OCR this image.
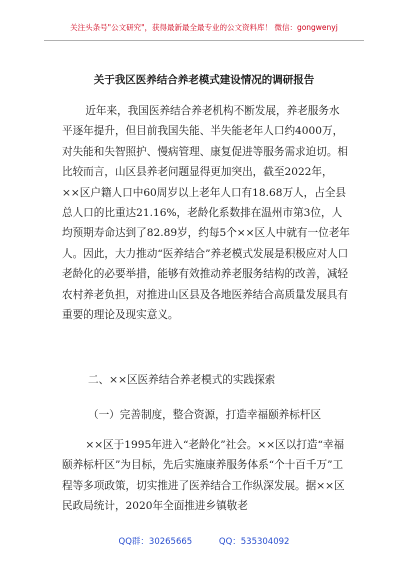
关注头条号"公文研究"，获得最新最全最专业的公文资料库！ 微信：gongwenyj
关于我区医养结合养老模式建设情况的调研报告

近年来，我国医养结合养老机构不断发展，养老服务水平逐年提升，但目前我国失能、半失能老年人口约4000万，对失能和失智照护、慢病管理、康复促进等服务需求迫切。相比较而言，山区县养老问题显得更加突出，截至2022年，××区户籍人口中60周岁以上老年人口有18.68万人，占全县总人口的比重达21.16%，老龄化系数排在温州市第3位，人均预期寿命达到了82.89岁，约每5个××区人中就有一位老年人。因此，大力推动“医养结合”养老模式发展是积极应对人口老龄化的必要举措，能够有效推动养老服务结构的改善，减轻农村养老负担，对推进山区县及各地医养结合高质量发展具有重要的理论及现实意义。

二、××区医养结合养老模式的实践探索
（一）完善制度，整合资源，打造幸福颐养标杆区

××区于1995年进入“老龄化”社会。××区以打造“幸福颐养标杆区”为目标，先后实施康养服务体系“个十百千万”工程等多项政策，切实推进了医养结合工作纵深发展。据××区民政局统计，2020年全面推进乡镇敬老

QQ群：30265665	QQ：535304092
